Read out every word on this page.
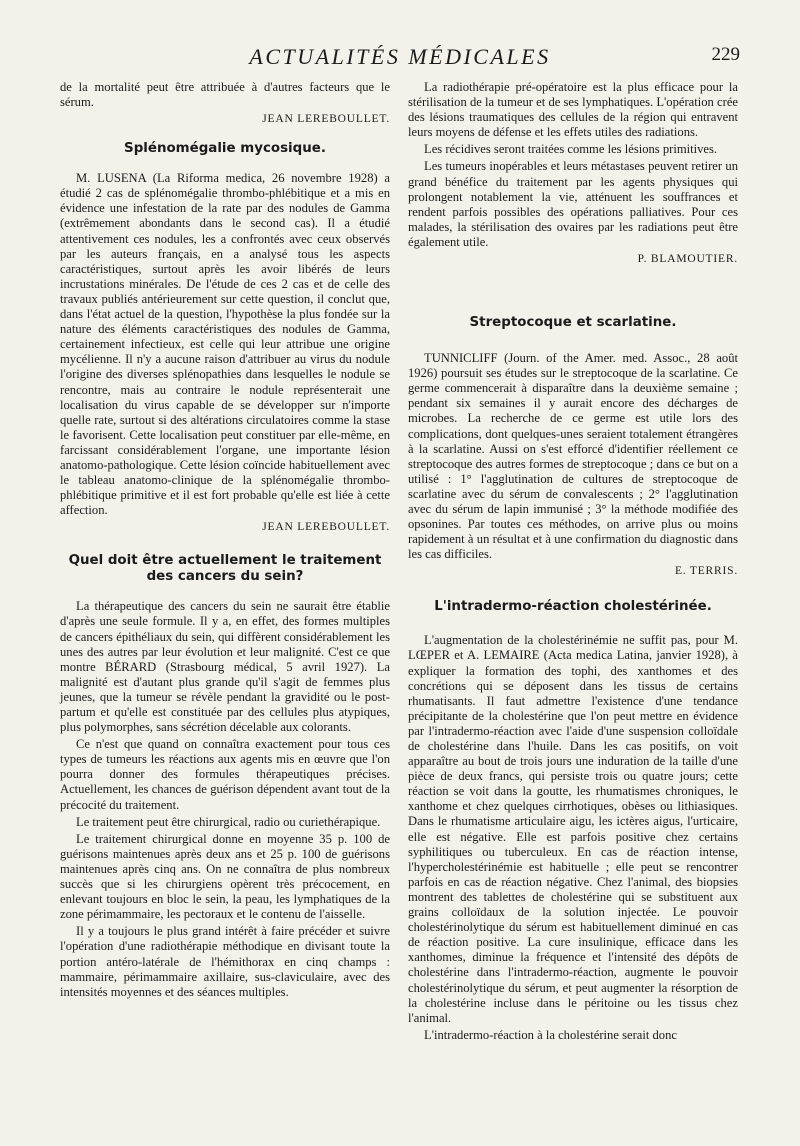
ACTUALITÉS MÉDICALES	229

de la mortalité peut être attribuée à d'autres facteurs que le sérum.

JEAN LEREBOULLET.
Splénomégalie mycosique.

M. LUSENA (La Riforma medica, 26 novembre 1928) a étudié 2 cas de splénomégalie thrombo-phlébitique et a mis en évidence une infestation de la rate par des nodules de Gamma (extrêmement abondants dans le second cas). Il a étudié attentivement ces nodules, les a confrontés avec ceux observés par les auteurs français, en a analysé tous les aspects caractéristiques, surtout après les avoir libérés de leurs incrustations minérales. De l'étude de ces 2 cas et de celle des travaux publiés antérieurement sur cette question, il conclut que, dans l'état actuel de la question, l'hypothèse la plus fondée sur la nature des éléments caractéristiques des nodules de Gamma, certainement infectieux, est celle qui leur attribue une origine mycélienne. Il n'y a aucune raison d'attribuer au virus du nodule l'origine des diverses splénopathies dans lesquelles le nodule se rencontre, mais au contraire le nodule représenterait une localisation du virus capable de se développer sur n'importe quelle rate, surtout si des altérations circulatoires comme la stase le favorisent. Cette localisation peut constituer par elle-même, en farcissant considérablement l'organe, une importante lésion anatomo-pathologique. Cette lésion coïncide habituellement avec le tableau anatomo-clinique de la splénomégalie thrombo-phlébitique primitive et il est fort probable qu'elle est liée à cette affection.

JEAN LEREBOULLET.
Quel doit être actuellement le traitement des cancers du sein?

La thérapeutique des cancers du sein ne saurait être établie d'après une seule formule. Il y a, en effet, des formes multiples de cancers épithéliaux du sein, qui diffèrent considérablement les unes des autres par leur évolution et leur malignité. C'est ce que montre BÉRARD (Strasbourg médical, 5 avril 1927). La malignité est d'autant plus grande qu'il s'agit de femmes plus jeunes, que la tumeur se révèle pendant la gravidité ou le post-partum et qu'elle est constituée par des cellules plus atypiques, plus polymorphes, sans sécrétion décelable aux colorants.

Ce n'est que quand on connaîtra exactement pour tous ces types de tumeurs les réactions aux agents mis en œuvre que l'on pourra donner des formules thérapeutiques précises. Actuellement, les chances de guérison dépendent avant tout de la précocité du traitement.

Le traitement peut être chirurgical, radio ou curiethérapique.

Le traitement chirurgical donne en moyenne 35 p. 100 de guérisons maintenues après deux ans et 25 p. 100 de guérisons maintenues après cinq ans. On ne connaîtra de plus nombreux succès que si les chirurgiens opèrent très précocement, en enlevant toujours en bloc le sein, la peau, les lymphatiques de la zone périmammaire, les pectoraux et le contenu de l'aisselle.

Il y a toujours le plus grand intérêt à faire précéder et suivre l'opération d'une radiothérapie méthodique en divisant toute la portion antéro-latérale de l'hémithorax en cinq champs : mammaire, périmammaire axillaire, sus-claviculaire, avec des intensités moyennes et des séances multiples.

La radiothérapie pré-opératoire est la plus efficace pour la stérilisation de la tumeur et de ses lymphatiques. L'opération crée des lésions traumatiques des cellules de la région qui entravent leurs moyens de défense et les effets utiles des radiations.

Les récidives seront traitées comme les lésions primitives.

Les tumeurs inopérables et leurs métastases peuvent retirer un grand bénéfice du traitement par les agents physiques qui prolongent notablement la vie, atténuent les souffrances et rendent parfois possibles des opérations palliatives. Pour ces malades, la stérilisation des ovaires par les radiations peut être également utile.

P. BLAMOUTIER.
Streptocoque et scarlatine.

TUNNICLIFF (Journ. of the Amer. med. Assoc., 28 août 1926) poursuit ses études sur le streptocoque de la scarlatine. Ce germe commencerait à disparaître dans la deuxième semaine ; pendant six semaines il y aurait encore des décharges de microbes. La recherche de ce germe est utile lors des complications, dont quelques-unes seraient totalement étrangères à la scarlatine. Aussi on s'est efforcé d'identifier réellement ce streptocoque des autres formes de streptocoque ; dans ce but on a utilisé : 1° l'agglutination de cultures de streptocoque de scarlatine avec du sérum de convalescents ; 2° l'agglutination avec du sérum de lapin immunisé ; 3° la méthode modifiée des opsonines. Par toutes ces méthodes, on arrive plus ou moins rapidement à un résultat et à une confirmation du diagnostic dans les cas difficiles.

E. TERRIS.
L'intradermo-réaction cholestérinée.

L'augmentation de la cholestérinémie ne suffit pas, pour M. LŒPER et A. LEMAIRE (Acta medica Latina, janvier 1928), à expliquer la formation des tophi, des xanthomes et des concrétions qui se déposent dans les tissus de certains rhumatisants. Il faut admettre l'existence d'une tendance précipitante de la cholestérine que l'on peut mettre en évidence par l'intradermo-réaction avec l'aide d'une suspension colloïdale de cholestérine dans l'huile. Dans les cas positifs, on voit apparaître au bout de trois jours une induration de la taille d'une pièce de deux francs, qui persiste trois ou quatre jours; cette réaction se voit dans la goutte, les rhumatismes chroniques, le xanthome et chez quelques cirrhotiques, obèses ou lithiasiques. Dans le rhumatisme articulaire aigu, les ictères aigus, l'urticaire, elle est négative. Elle est parfois positive chez certains syphilitiques ou tuberculeux. En cas de réaction intense, l'hypercholestérinémie est habituelle ; elle peut se rencontrer parfois en cas de réaction négative. Chez l'animal, des biopsies montrent des tablettes de cholestérine qui se substituent aux grains colloïdaux de la solution injectée. Le pouvoir cholestérinolytique du sérum est habituellement diminué en cas de réaction positive. La cure insulinique, efficace dans les xanthomes, diminue la fréquence et l'intensité des dépôts de cholestérine dans l'intradermo-réaction, augmente le pouvoir cholestérinolytique du sérum, et peut augmenter la résorption de la cholestérine incluse dans le péritoine ou les tissus chez l'animal.

L'intradermo-réaction à la cholestérine serait donc
